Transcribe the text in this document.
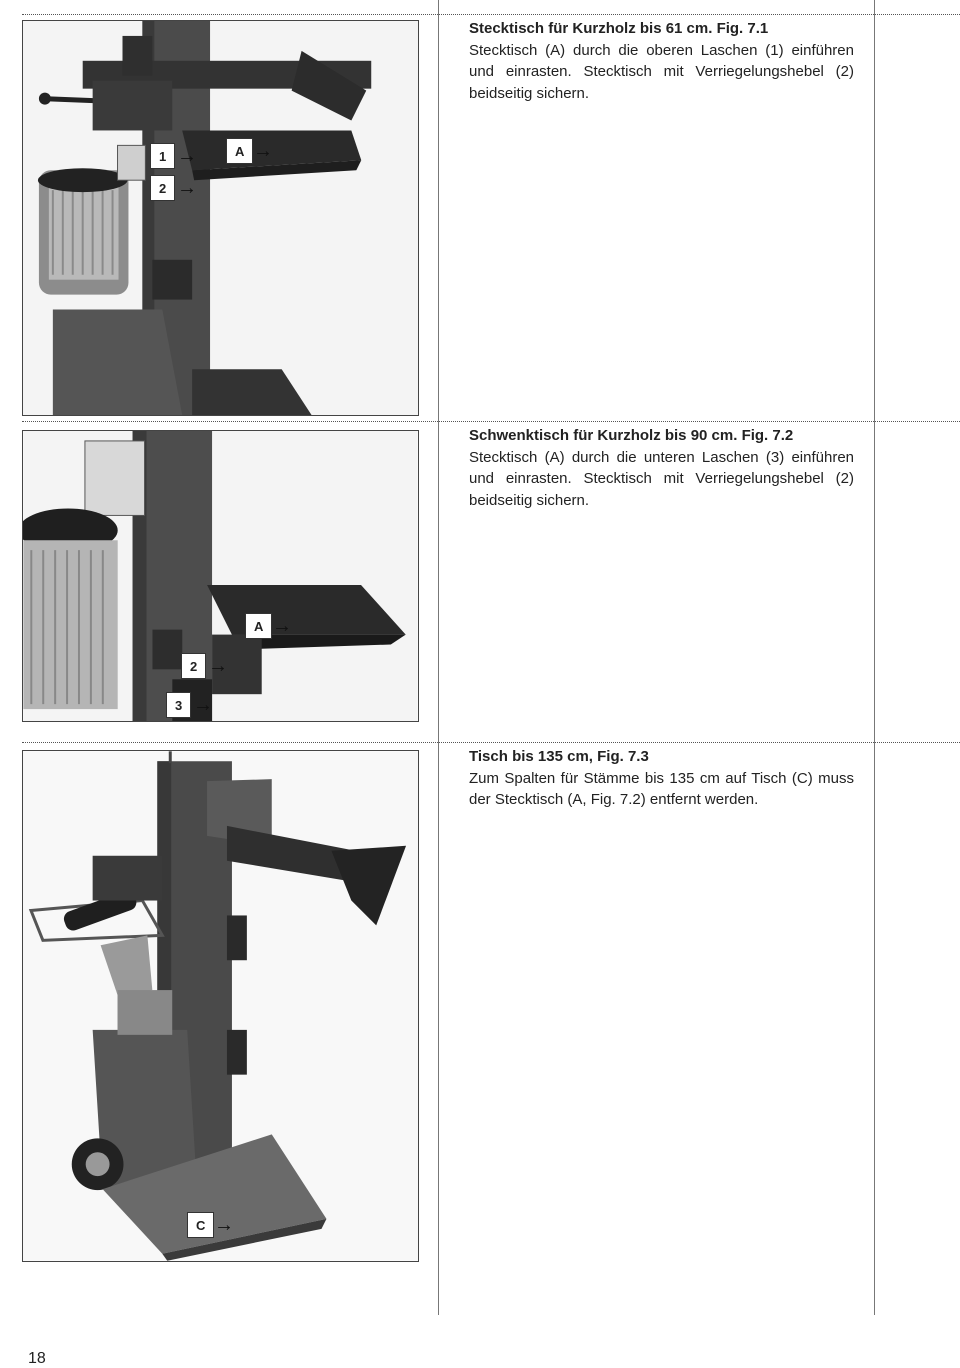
1 →
2 →
A →
Stecktisch für Kurzholz bis 61 cm. Fig. 7.1
Stecktisch (A) durch die oberen Laschen (1) einführen und einrasten. Stecktisch mit Verriegelungshebel (2) beidseitig sichern.
A →
2 →
3 →
Schwenktisch für Kurzholz bis 90 cm. Fig. 7.2
Stecktisch (A) durch die unteren Laschen (3) einführen und einrasten. Stecktisch mit Verriegelungshebel (2) beidseitig sichern.
C →
Tisch bis 135 cm, Fig. 7.3
Zum Spalten für Stämme bis 135 cm auf Tisch (C) muss der Stecktisch (A, Fig. 7.2) entfernt werden.
18
